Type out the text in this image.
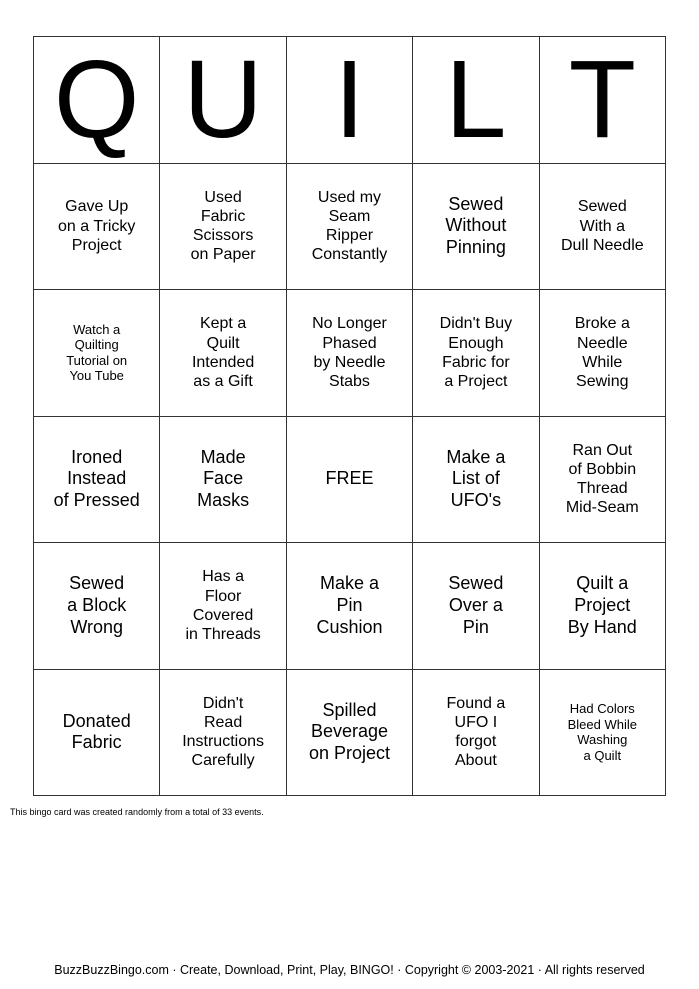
Q U I L T
Gave Up
on a Tricky
Project
Used
Fabric
Scissors
on Paper
Used my
Seam
Ripper
Constantly
Sewed
Without
Pinning
Sewed
With a
Dull Needle
Watch a
Quilting
Tutorial on
You Tube
Kept a
Quilt
Intended
as a Gift
No Longer
Phased
by Needle
Stabs
Didn't Buy
Enough
Fabric for
a Project
Broke a
Needle
While
Sewing
Ironed
Instead
of Pressed
Made
Face
Masks
FREE
Make a
List of
UFO's
Ran Out
of Bobbin
Thread
Mid-Seam
Sewed
a Block
Wrong
Has a
Floor
Covered
in Threads
Make a
Pin
Cushion
Sewed
Over a
Pin
Quilt a
Project
By Hand
Donated
Fabric
Didn't
Read
Instructions
Carefully
Spilled
Beverage
on Project
Found a
UFO I
forgot
About
Had Colors
Bleed While
Washing
a Quilt
This bingo card was created randomly from a total of 33 events.
BuzzBuzzBingo.com · Create, Download, Print, Play, BINGO! · Copyright © 2003-2021 · All rights reserved
